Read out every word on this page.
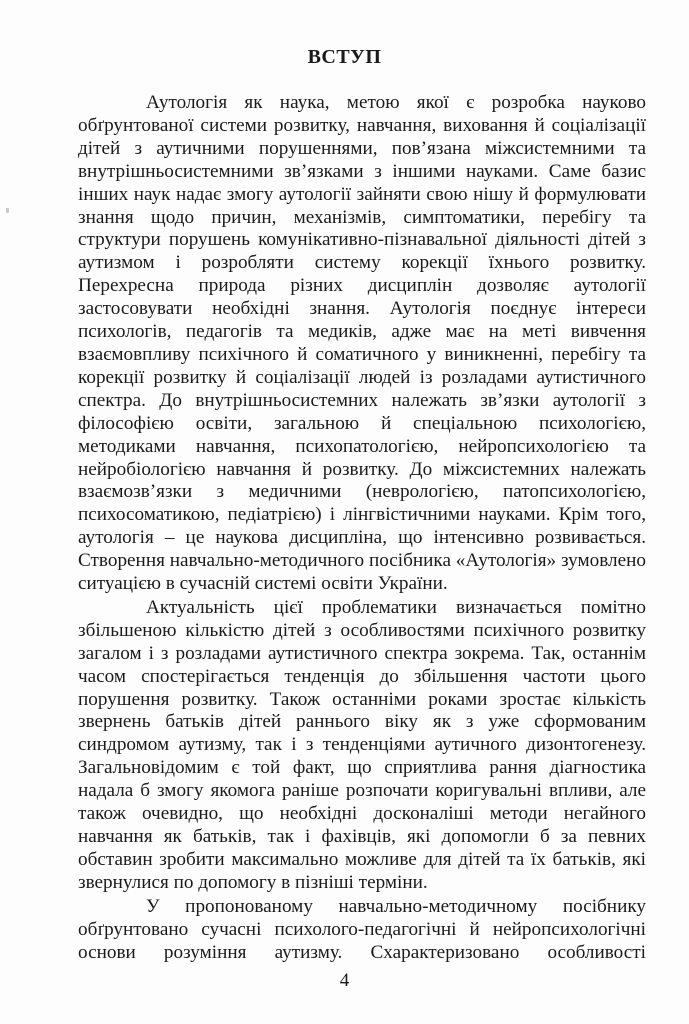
ВСТУП

Аутологія як наука, метою якої є розробка науково обґрунтованої системи розвитку, навчання, виховання й соціалізації дітей з аутичними порушеннями, пов’язана міжсистемними та внутрішньосистемними зв’язками з іншими науками. Саме базис інших наук надає змогу аутології зайняти свою нішу й формулювати знання щодо причин, механізмів, симптоматики, перебігу та структури порушень комунікативно-пізнавальної діяльності дітей з аутизмом і розробляти систему корекції їхнього розвитку. Перехресна природа різних дисциплін дозволяє аутології застосовувати необхідні знання. Аутологія поєднує інтереси психологів, педагогів та медиків, адже має на меті вивчення взаємовпливу психічного й соматичного у виникненні, перебігу та корекції розвитку й соціалізації людей із розладами аутистичного спектра. До внутрішньосистемних належать зв’язки аутології з філософією освіти, загальною й спеціальною психологією, методиками навчання, психопатологією, нейропсихологією та нейробіологією навчання й розвитку. До міжсистемних належать взаємозв’язки з медичними (неврологією, патопсихологією, психосоматикою, педіатрією) і лінгвістичними науками. Крім того, аутологія – це наукова дисципліна, що інтенсивно розвивається. Створення навчально-методичного посібника «Аутологія» зумовлено ситуацією в сучасній системі освіти України.

Актуальність цієї проблематики визначається помітно збільшеною кількістю дітей з особливостями психічного розвитку загалом і з розладами аутистичного спектра зокрема. Так, останнім часом спостерігається тенденція до збільшення частоти цього порушення розвитку. Також останніми роками зростає кількість звернень батьків дітей раннього віку як з уже сформованим синдромом аутизму, так і з тенденціями аутичного дизонтогенезу. Загальновідомим є той факт, що сприятлива рання діагностика надала б змогу якомога раніше розпочати коригувальні впливи, але також очевидно, що необхідні досконаліші методи негайного навчання як батьків, так і фахівців, які допомогли б за певних обставин зробити максимально можливе для дітей та їх батьків, які звернулися по допомогу в пізніші терміни.

У пропонованому навчально-методичному посібнику обґрунтовано сучасні психолого-педагогічні й нейропсихологічні основи розуміння аутизму. Схарактеризовано особливості

4
